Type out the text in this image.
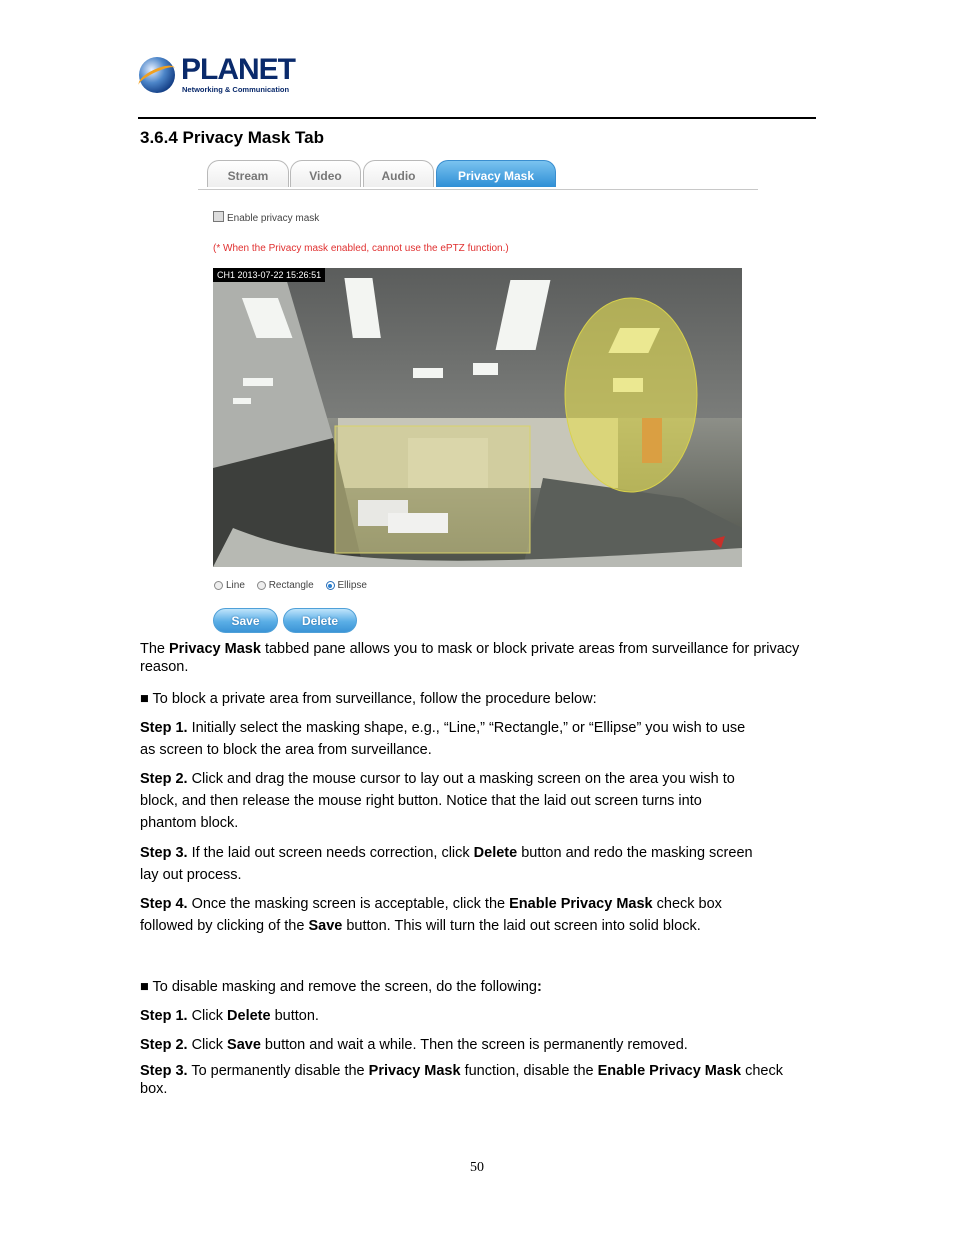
PLANET
Networking & Communication
3.6.4 Privacy Mask Tab
Stream	Video	Audio	Privacy Mask
Enable privacy mask
(* When the Privacy mask enabled, cannot use the ePTZ function.)
CH1 2013-07-22 15:26:51
Line
Rectangle
Ellipse
Save	Delete
The Privacy Mask tabbed pane allows you to mask or block private areas from surveillance for privacy reason.
■ To block a private area from surveillance, follow the procedure below:
Step 1. Initially select the masking shape, e.g., “Line,” “Rectangle,” or “Ellipse” you wish to use as screen to block the area from surveillance.
Step 2. Click and drag the mouse cursor to lay out a masking screen on the area you wish to block, and then release the mouse right button. Notice that the laid out screen turns into phantom block.
Step 3. If the laid out screen needs correction, click Delete button and redo the masking screen lay out process.
Step 4. Once the masking screen is acceptable, click the Enable Privacy Mask check box followed by clicking of the Save button. This will turn the laid out screen into solid block.
■ To disable masking and remove the screen, do the following:
Step 1. Click Delete button.
Step 2. Click Save button and wait a while. Then the screen is permanently removed.
Step 3. To permanently disable the Privacy Mask function, disable the Enable Privacy Mask check box.
50
